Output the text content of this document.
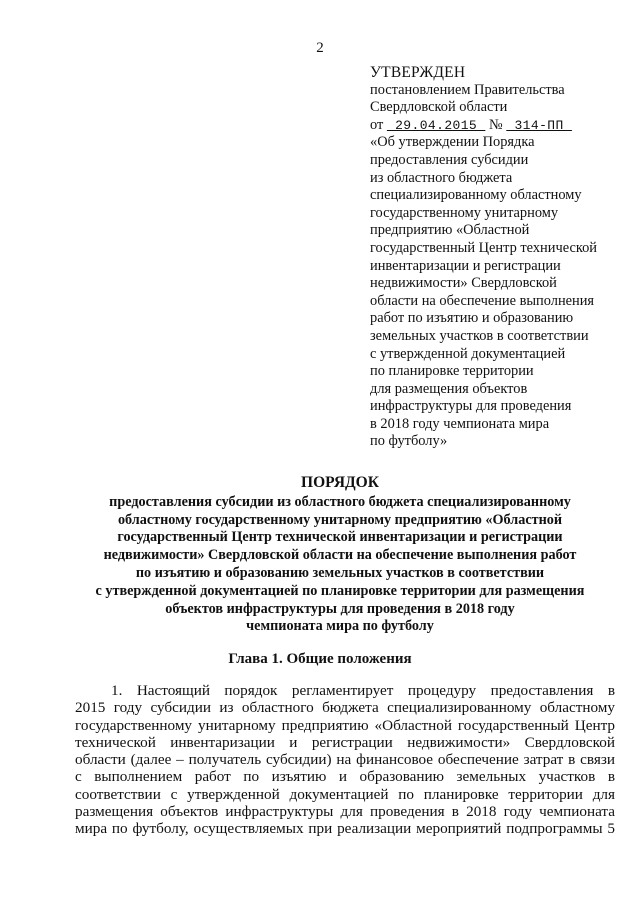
2
УТВЕРЖДЕН
постановлением Правительства
Свердловской области
от  29.04.2015  №  314-ПП
«Об утверждении Порядка
предоставления субсидии
из областного бюджета
специализированному областному
государственному унитарному
предприятию «Областной
государственный Центр технической
инвентаризации и регистрации
недвижимости» Свердловской
области на обеспечение выполнения
работ по изъятию и образованию
земельных участков в соответствии
с утвержденной документацией
по планировке территории
для размещения объектов
инфраструктуры для проведения
в 2018 году чемпионата мира
по футболу»
ПОРЯДОК
предоставления субсидии из областного бюджета специализированному
областному государственному унитарному предприятию «Областной
государственный Центр технической инвентаризации и регистрации
недвижимости» Свердловской области на обеспечение выполнения работ
по изъятию и образованию земельных участков в соответствии
с утвержденной документацией по планировке территории для размещения
объектов инфраструктуры для проведения в 2018 году
чемпионата мира по футболу
Глава 1. Общие положения
1. Настоящий порядок регламентирует процедуру предоставления в
2015 году субсидии из областного бюджета специализированному областному
государственному унитарному предприятию «Областной государственный Центр
технической инвентаризации и регистрации недвижимости» Свердловской
области (далее – получатель субсидии) на финансовое обеспечение затрат в связи
с выполнением работ по изъятию и образованию земельных участков в
соответствии с утвержденной документацией по планировке территории для
размещения объектов инфраструктуры для проведения в 2018 году чемпионата
мира по футболу, осуществляемых при реализации мероприятий подпрограммы 5
